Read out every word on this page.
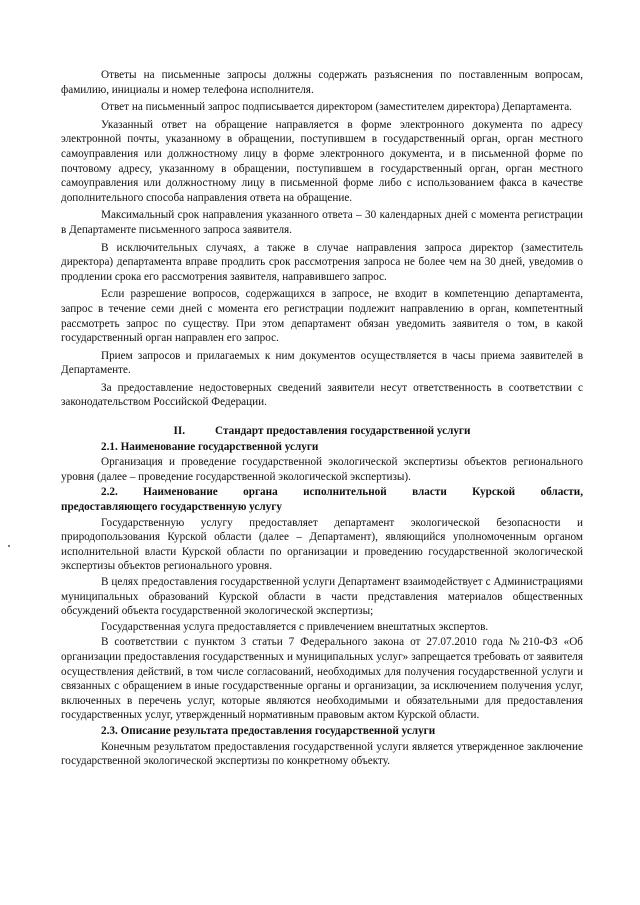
Ответы на письменные запросы должны содержать разъяснения по поставленным вопросам, фамилию, инициалы и номер телефона исполнителя.

Ответ на письменный запрос подписывается директором (заместителем директора) Департамента.

Указанный ответ на обращение направляется в форме электронного документа по адресу электронной почты, указанному в обращении, поступившем в государственный орган, орган местного самоуправления или должностному лицу в форме электронного документа, и в письменной форме по почтовому адресу, указанному в обращении, поступившем в государственный орган, орган местного самоуправления или должностному лицу в письменной форме либо с использованием факса в качестве дополнительного способа направления ответа на обращение.

Максимальный срок направления указанного ответа – 30 календарных дней с момента регистрации в Департаменте письменного запроса заявителя.

В исключительных случаях, а также в случае направления запроса директор (заместитель директора) департамента вправе продлить срок рассмотрения запроса не более чем на 30 дней, уведомив о продлении срока его рассмотрения заявителя, направившего запрос.

Если разрешение вопросов, содержащихся в запросе, не входит в компетенцию департамента, запрос в течение семи дней с момента его регистрации подлежит направлению в орган, компетентный рассмотреть запрос по существу. При этом департамент обязан уведомить заявителя о том, в какой государственный орган направлен его запрос.

Прием запросов и прилагаемых к ним документов осуществляется в часы приема заявителей в Департаменте.

За предоставление недостоверных сведений заявители несут ответственность в соответствии с законодательством Российской Федерации.

II.	Стандарт предоставления государственной услуги
2.1. Наименование государственной услуги

Организация и проведение государственной экологической экспертизы объектов регионального уровня (далее – проведение государственной экологической экспертизы).

2.2. Наименование органа исполнительной власти Курской области,
предоставляющего государственную услугу

Государственную услугу предоставляет департамент экологической безопасности и природопользования Курской области (далее – Департамент), являющийся уполномоченным органом исполнительной власти Курской области по организации и проведению государственной экологической экспертизы объектов регионального уровня.

В целях предоставления государственной услуги Департамент взаимодействует с Администрациями муниципальных образований Курской области в части представления материалов общественных обсуждений объекта государственной экологической экспертизы;

Государственная услуга предоставляется с привлечением внештатных экспертов.

В соответствии с пунктом 3 статьи 7 Федерального закона от 27.07.2010 года №210-ФЗ «Об организации предоставления государственных и муниципальных услуг» запрещается требовать от заявителя осуществления действий, в том числе согласований, необходимых для получения государственной услуги и связанных с обращением в иные государственные органы и организации, за исключением получения услуг, включенных в перечень услуг, которые являются необходимыми и обязательными для предоставления государственных услуг, утвержденный нормативным правовым актом Курской области.

2.3. Описание результата предоставления государственной услуги

Конечным результатом предоставления государственной услуги является утвержденное заключение государственной экологической экспертизы по конкретному объекту.
